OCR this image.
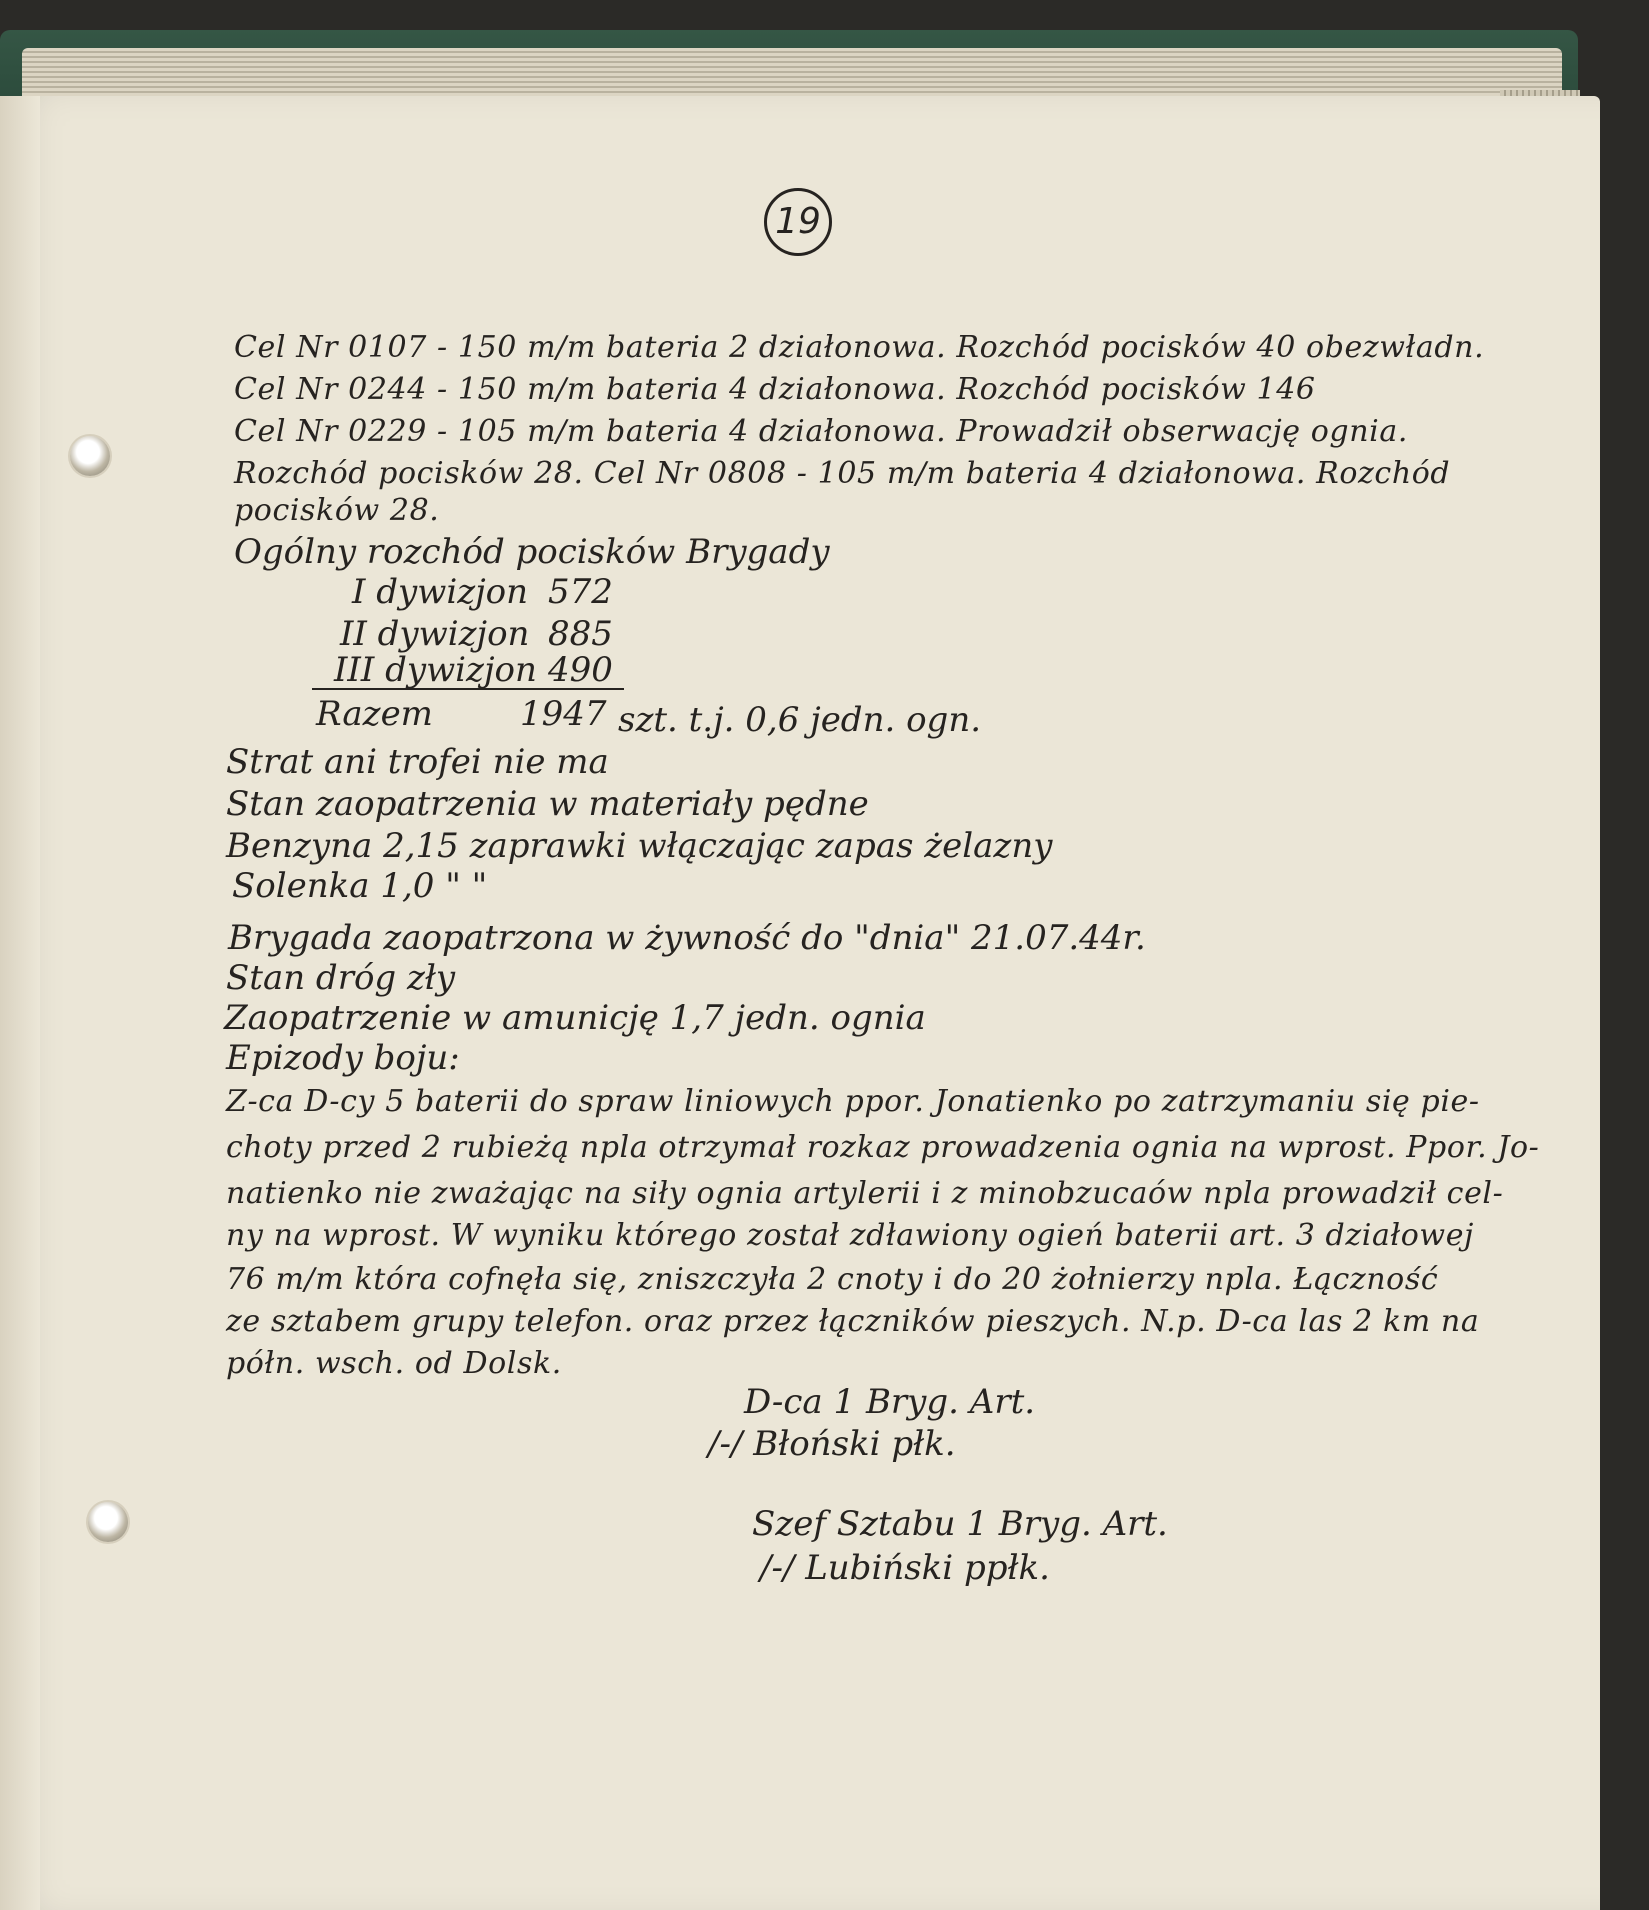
19

Cel Nr 0107 - 150 m/m bateria 2 działonowa. Rozchód pocisków 40 obezwładn.

Cel Nr 0244 - 150 m/m bateria 4 działonowa. Rozchód pocisków 146

Cel Nr 0229 - 105 m/m bateria 4 działonowa. Prowadził obserwację ognia.

Rozchód pocisków 28. Cel Nr 0808 - 105 m/m bateria 4 działonowa. Rozchód

pocisków 28.

Ogólny rozchód pocisków Brygady

I dywizjon 572

II dywizjon 885

III dywizjon 490

Razem	1947 szt. t.j. 0,6 jedn. ogn.

Strat ani trofei nie ma

Stan zaopatrzenia w materiały pędne

Benzyna 2,15 zaprawki włączając zapas żelazny

Solenka 1,0 " "

Brygada zaopatrzona w żywność do "dnia" 21.07.44r.

Stan dróg zły

Zaopatrzenie w amunicję 1,7 jedn. ognia

Epizody boju:

Z-ca D-cy 5 baterii do spraw liniowych ppor. Jonatienko po zatrzymaniu się pie-

choty przed 2 rubieżą npla otrzymał rozkaz prowadzenia ognia na wprost. Ppor. Jo-

natienko nie zważając na siły ognia artylerii i z minobzucaów npla prowadził cel-

ny na wprost. W wyniku którego został zdławiony ogień baterii art. 3 działowej

76 m/m która cofnęła się, zniszczyła 2 cnoty i do 20 żołnierzy npla. Łączność

ze sztabem grupy telefon. oraz przez łączników pieszych. N.p. D-ca las 2 km na

półn. wsch. od Dolsk.

D-ca 1 Bryg. Art.

/-/ Błoński płk.

Szef Sztabu 1 Bryg. Art.

/-/ Lubiński ppłk.
